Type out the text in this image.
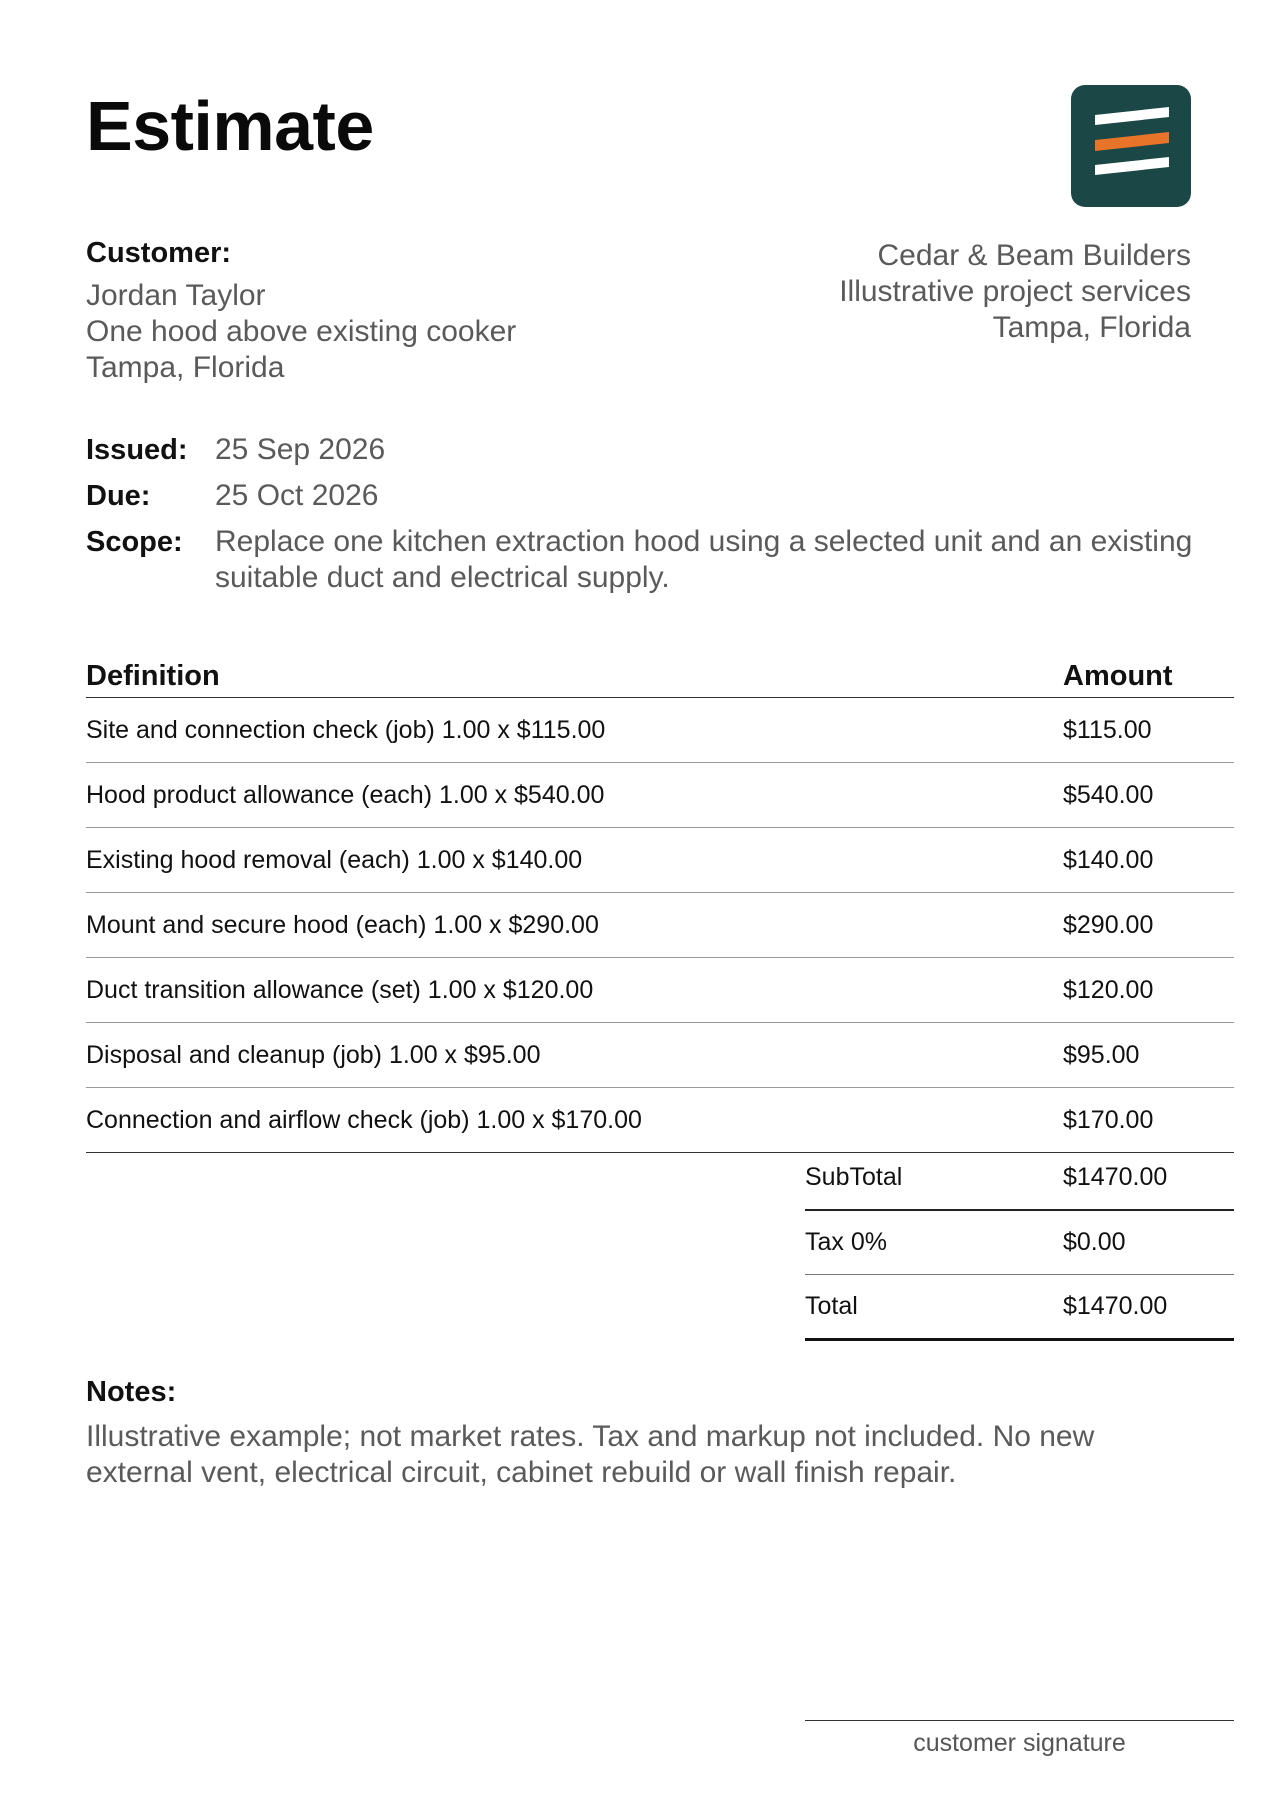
Estimate
Customer:
Jordan Taylor
One hood above existing cooker
Tampa, Florida
Cedar & Beam Builders
Illustrative project services
Tampa, Florida
Issued: 25 Sep 2026
Due:	25 Oct 2026
Scope:	Replace one kitchen extraction hood using a selected unit and an existing suitable duct and electrical supply.
Definition	Amount
Site and connection check (job) 1.00 x $115.00	$115.00
Hood product allowance (each) 1.00 x $540.00	$540.00
Existing hood removal (each) 1.00 x $140.00	$140.00
Mount and secure hood (each) 1.00 x $290.00	$290.00
Duct transition allowance (set) 1.00 x $120.00	$120.00
Disposal and cleanup (job) 1.00 x $95.00	$95.00
Connection and airflow check (job) 1.00 x $170.00	$170.00
SubTotal	$1470.00
Tax 0%	$0.00
Total	$1470.00
Notes:
Illustrative example; not market rates. Tax and markup not included. No new external vent, electrical circuit, cabinet rebuild or wall finish repair.
customer signature
